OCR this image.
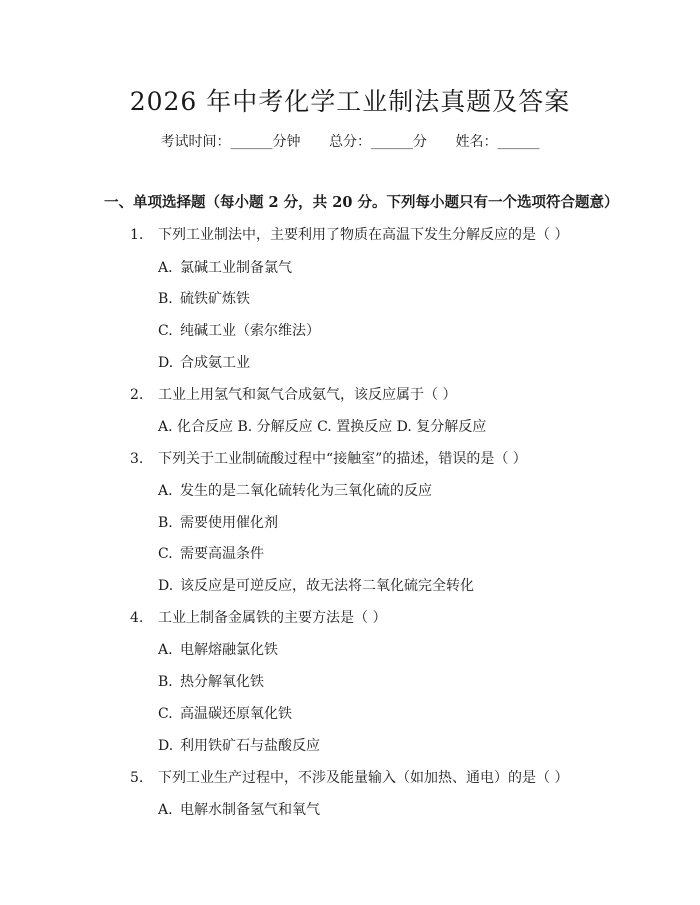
2026 年中考化学工业制法真题及答案
考试时间：______分钟 总分：______分 姓名：______
一、单项选择题（每小题 2 分，共 20 分。下列每小题只有一个选项符合题意）
1. 下列工业制法中，主要利用了物质在高温下发生分解反应的是（ ）
A. 氯碱工业制备氯气
B. 硫铁矿炼铁
C. 纯碱工业（索尔维法）
D. 合成氨工业
2. 工业上用氢气和氮气合成氨气，该反应属于（ ）
A. 化合反应 B. 分解反应 C. 置换反应 D. 复分解反应
3. 下列关于工业制硫酸过程中“接触室”的描述，错误的是（ ）
A. 发生的是二氧化硫转化为三氧化硫的反应
B. 需要使用催化剂
C. 需要高温条件
D. 该反应是可逆反应，故无法将二氧化硫完全转化
4. 工业上制备金属铁的主要方法是（ ）
A. 电解熔融氯化铁
B. 热分解氧化铁
C. 高温碳还原氧化铁
D. 利用铁矿石与盐酸反应
5. 下列工业生产过程中，不涉及能量输入（如加热、通电）的是（ ）
A. 电解水制备氢气和氧气
